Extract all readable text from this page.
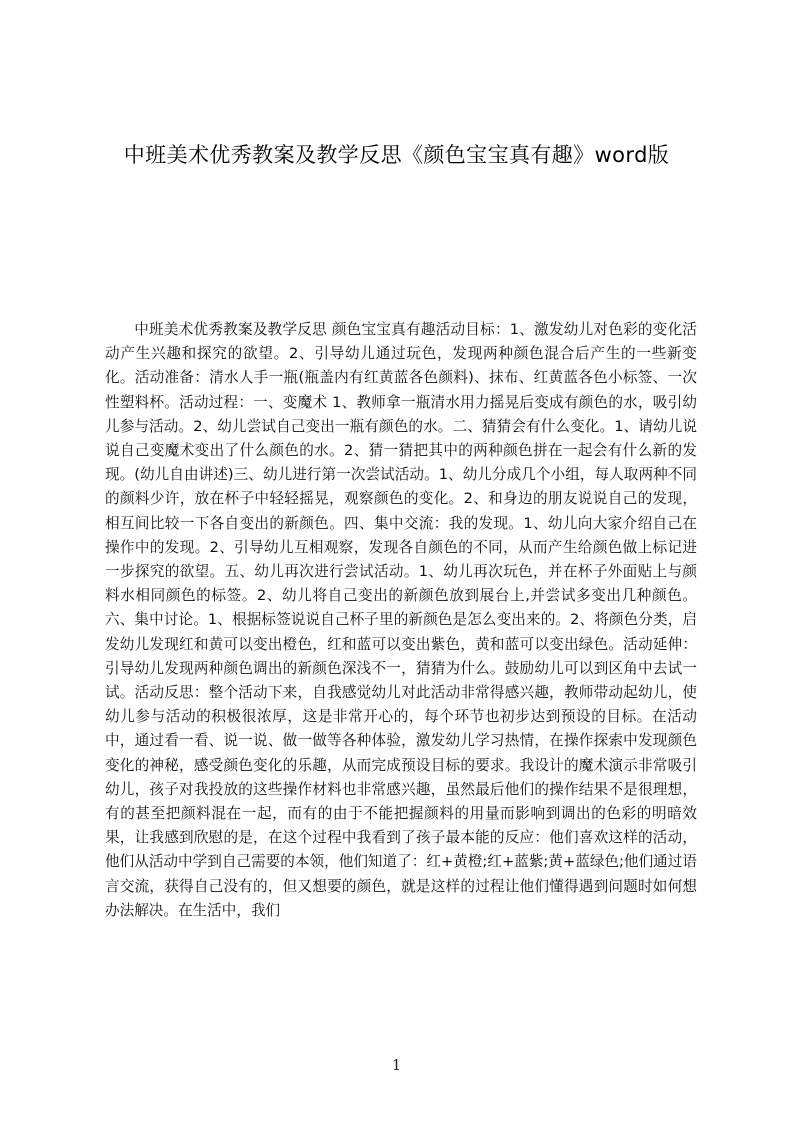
中班美术优秀教案及教学反思《颜色宝宝真有趣》word版

中班美术优秀教案及教学反思 颜色宝宝真有趣活动目标：1、激发幼儿对色彩的变化活动产生兴趣和探究的欲望。2、引导幼儿通过玩色，发现两种颜色混合后产生的一些新变化。活动准备：清水人手一瓶(瓶盖内有红黄蓝各色颜料)、抹布、红黄蓝各色小标签、一次性塑料杯。活动过程：一、变魔术 1、教师拿一瓶清水用力摇晃后变成有颜色的水，吸引幼儿参与活动。2、幼儿尝试自己变出一瓶有颜色的水。二、猜猜会有什么变化。1、请幼儿说说自己变魔术变出了什么颜色的水。2、猜一猜把其中的两种颜色拼在一起会有什么新的发现。(幼儿自由讲述)三、幼儿进行第一次尝试活动。1、幼儿分成几个小组，每人取两种不同的颜料少许，放在杯子中轻轻摇晃，观察颜色的变化。2、和身边的朋友说说自己的发现，相互间比较一下各自变出的新颜色。四、集中交流：我的发现。1、幼儿向大家介绍自己在操作中的发现。2、引导幼儿互相观察，发现各自颜色的不同，从而产生给颜色做上标记进一步探究的欲望。五、幼儿再次进行尝试活动。1、幼儿再次玩色，并在杯子外面贴上与颜料水相同颜色的标签。2、幼儿将自己变出的新颜色放到展台上,并尝试多变出几种颜色。 六、集中讨论。1、根据标签说说自己杯子里的新颜色是怎么变出来的。2、将颜色分类，启发幼儿发现红和黄可以变出橙色，红和蓝可以变出紫色，黄和蓝可以变出绿色。活动延伸：引导幼儿发现两种颜色调出的新颜色深浅不一，猜猜为什么。鼓励幼儿可以到区角中去试一试。活动反思：整个活动下来，自我感觉幼儿对此活动非常得感兴趣，教师带动起幼儿，使幼儿参与活动的积极很浓厚，这是非常开心的，每个环节也初步达到预设的目标。在活动中，通过看一看、说一说、做一做等各种体验，激发幼儿学习热情，在操作探索中发现颜色变化的神秘，感受颜色变化的乐趣，从而完成预设目标的要求。我设计的魔术演示非常吸引幼儿，孩子对我投放的这些操作材料也非常感兴趣，虽然最后他们的操作结果不是很理想，有的甚至把颜料混在一起，而有的由于不能把握颜料的用量而影响到调出的色彩的明暗效果，让我感到欣慰的是，在这个过程中我看到了孩子最本能的反应：他们喜欢这样的活动，他们从活动中学到自己需要的本领，他们知道了：红+黄橙;红+蓝紫;黄+蓝绿色;他们通过语言交流，获得自己没有的，但又想要的颜色，就是这样的过程让他们懂得遇到问题时如何想办法解决。在生活中，我们

1
